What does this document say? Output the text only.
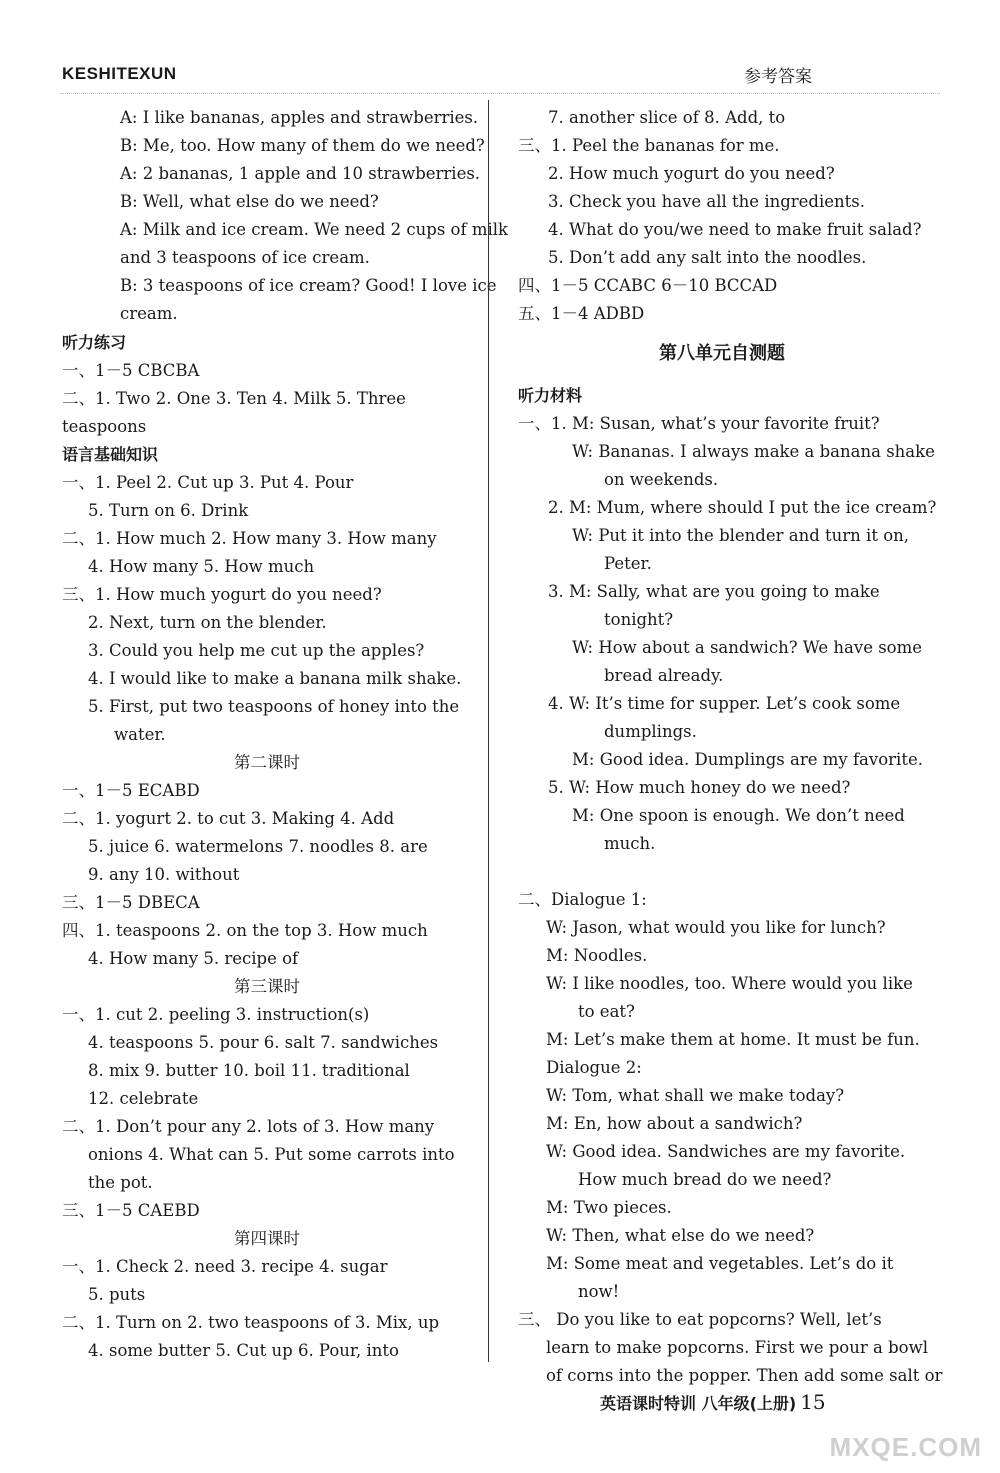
KESHITEXUN	参考答案
A: I like bananas, apples and strawberries.
B: Me, too. How many of them do we need?
A: 2 bananas, 1 apple and 10 strawberries.
B: Well, what else do we need?
A: Milk and ice cream. We need 2 cups of milk
and 3 teaspoons of ice cream.
B: 3 teaspoons of ice cream? Good! I love ice
cream.
听力练习
一、1－5 CBCBA
二、1. Two 2. One 3. Ten 4. Milk 5. Three
teaspoons
语言基础知识
一、1. Peel 2. Cut up 3. Put 4. Pour
5. Turn on 6. Drink
二、1. How much 2. How many 3. How many
4. How many 5. How much
三、1. How much yogurt do you need?
2. Next, turn on the blender.
3. Could you help me cut up the apples?
4. I would like to make a banana milk shake.
5. First, put two teaspoons of honey into the
water.
第二课时
一、1－5 ECABD
二、1. yogurt 2. to cut 3. Making 4. Add
5. juice 6. watermelons 7. noodles 8. are
9. any 10. without
三、1－5 DBECA
四、1. teaspoons 2. on the top 3. How much
4. How many 5. recipe of
第三课时
一、1. cut 2. peeling 3. instruction(s)
4. teaspoons 5. pour 6. salt 7. sandwiches
8. mix 9. butter 10. boil 11. traditional
12. celebrate
二、1. Don’t pour any 2. lots of 3. How many
onions 4. What can 5. Put some carrots into
the pot.
三、1－5 CAEBD
第四课时
一、1. Check 2. need 3. recipe 4. sugar
5. puts
二、1. Turn on 2. two teaspoons of 3. Mix, up
4. some butter 5. Cut up 6. Pour, into
7. another slice of 8. Add, to
三、1. Peel the bananas for me.
2. How much yogurt do you need?
3. Check you have all the ingredients.
4. What do you/we need to make fruit salad?
5. Don’t add any salt into the noodles.
四、1－5 CCABC 6－10 BCCAD
五、1－4 ADBD
第八单元自测题
听力材料
一、1. M: Susan, what’s your favorite fruit?
W: Bananas. I always make a banana shake
on weekends.
2. M: Mum, where should I put the ice cream?
W: Put it into the blender and turn it on,
Peter.
3. M: Sally, what are you going to make
tonight?
W: How about a sandwich? We have some
bread already.
4. W: It’s time for supper. Let’s cook some
dumplings.
M: Good idea. Dumplings are my favorite.
5. W: How much honey do we need?
M: One spoon is enough. We don’t need
much.
二、Dialogue 1:
W: Jason, what would you like for lunch?
M: Noodles.
W: I like noodles, too. Where would you like
to eat?
M: Let’s make them at home. It must be fun.
Dialogue 2:
W: Tom, what shall we make today?
M: En, how about a sandwich?
W: Good idea. Sandwiches are my favorite.
How much bread do we need?
M: Two pieces.
W: Then, what else do we need?
M: Some meat and vegetables. Let’s do it
now!
三、 Do you like to eat popcorns? Well, let’s
learn to make popcorns. First we pour a bowl
of corns into the popper. Then add some salt or
英语课时特训 八年级(上册) 15
MXQE.COM
